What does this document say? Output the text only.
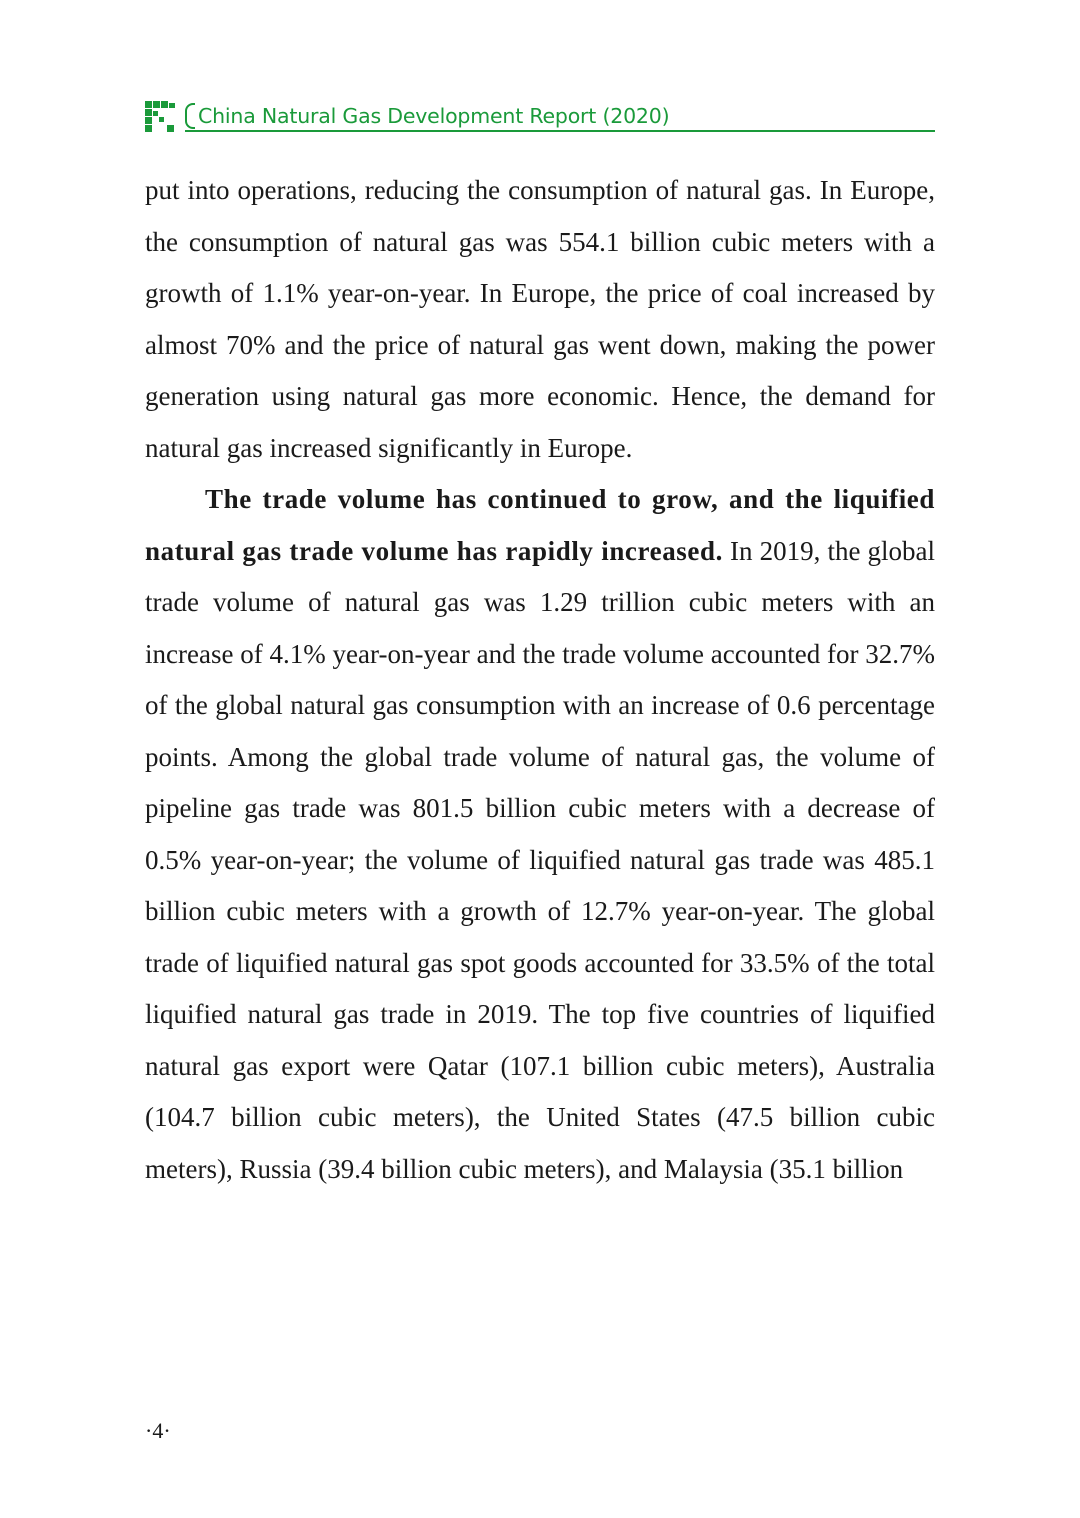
China Natural Gas Development Report (2020)

put into operations, reducing the consumption of natural gas. In Europe, the consumption of natural gas was 554.1 billion cubic meters with a growth of 1.1% year-on-year. In Europe, the price of coal increased by almost 70% and the price of natural gas went down, making the power generation using natural gas more economic. Hence, the demand for natural gas increased significantly in Europe.

The trade volume has continued to grow, and the liquified natural gas trade volume has rapidly increased. In 2019, the global trade volume of natural gas was 1.29 trillion cubic meters with an increase of 4.1% year-on-year and the trade volume accounted for 32.7% of the global natural gas consumption with an increase of 0.6 percentage points. Among the global trade volume of natural gas, the volume of pipeline gas trade was 801.5 billion cubic meters with a decrease of 0.5% year-on-year; the volume of liquified natural gas trade was 485.1 billion cubic meters with a growth of 12.7% year-on-year. The global trade of liquified natural gas spot goods accounted for 33.5% of the total liquified natural gas trade in 2019. The top five countries of liquified natural gas export were Qatar (107.1 billion cubic meters), Australia (104.7 billion cubic meters), the United States (47.5 billion cubic meters), Russia (39.4 billion cubic meters), and Malaysia (35.1 billion

·4·
